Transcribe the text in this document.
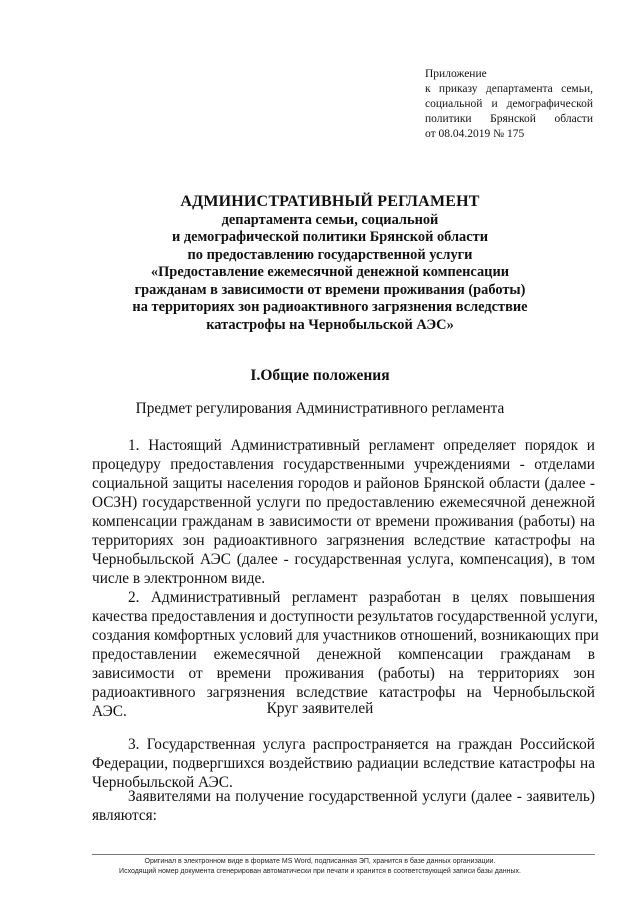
Приложение
к приказу департамента семьи,
социальной и демографической
политики Брянской области
от 08.04.2019 № 175
АДМИНИСТРАТИВНЫЙ РЕГЛАМЕНТ
департамента семьи, социальной
и демографической политики Брянской области
по предоставлению государственной услуги
«Предоставление ежемесячной денежной компенсации
гражданам в зависимости от времени проживания (работы)
на территориях зон радиоактивного загрязнения вследствие
катастрофы на Чернобыльской АЭС»
I.Общие положения
Предмет регулирования Административного регламента
1. Настоящий Административный регламент определяет порядок и
процедуру предоставления государственными учреждениями - отделами
социальной защиты населения городов и районов Брянской области (далее -
ОСЗН) государственной услуги по предоставлению ежемесячной денежной
компенсации гражданам в зависимости от времени проживания (работы) на
территориях зон радиоактивного загрязнения вследствие катастрофы на
Чернобыльской АЭС (далее - государственная услуга, компенсация), в том
числе в электронном виде.
2. Административный регламент разработан в целях повышения
качества предоставления и доступности результатов государственной услуги,
создания комфортных условий для участников отношений, возникающих при
предоставлении ежемесячной денежной компенсации гражданам в
зависимости от времени проживания (работы) на территориях зон
радиоактивного загрязнения вследствие катастрофы на Чернобыльской
АЭС.	Круг заявителей
3. Государственная услуга распространяется на граждан Российской
Федерации, подвергшихся воздействию радиации вследствие катастрофы на
Чернобыльской АЭС.
Заявителями на получение государственной услуги (далее - заявитель)
являются:
Оригинал в электронном виде в формате MS Word, подписанная ЭП, хранится в базе данных организации.
Исходящий номер документа сгенерирован автоматически при печати и хранится в соответствующей записи базы данных.
